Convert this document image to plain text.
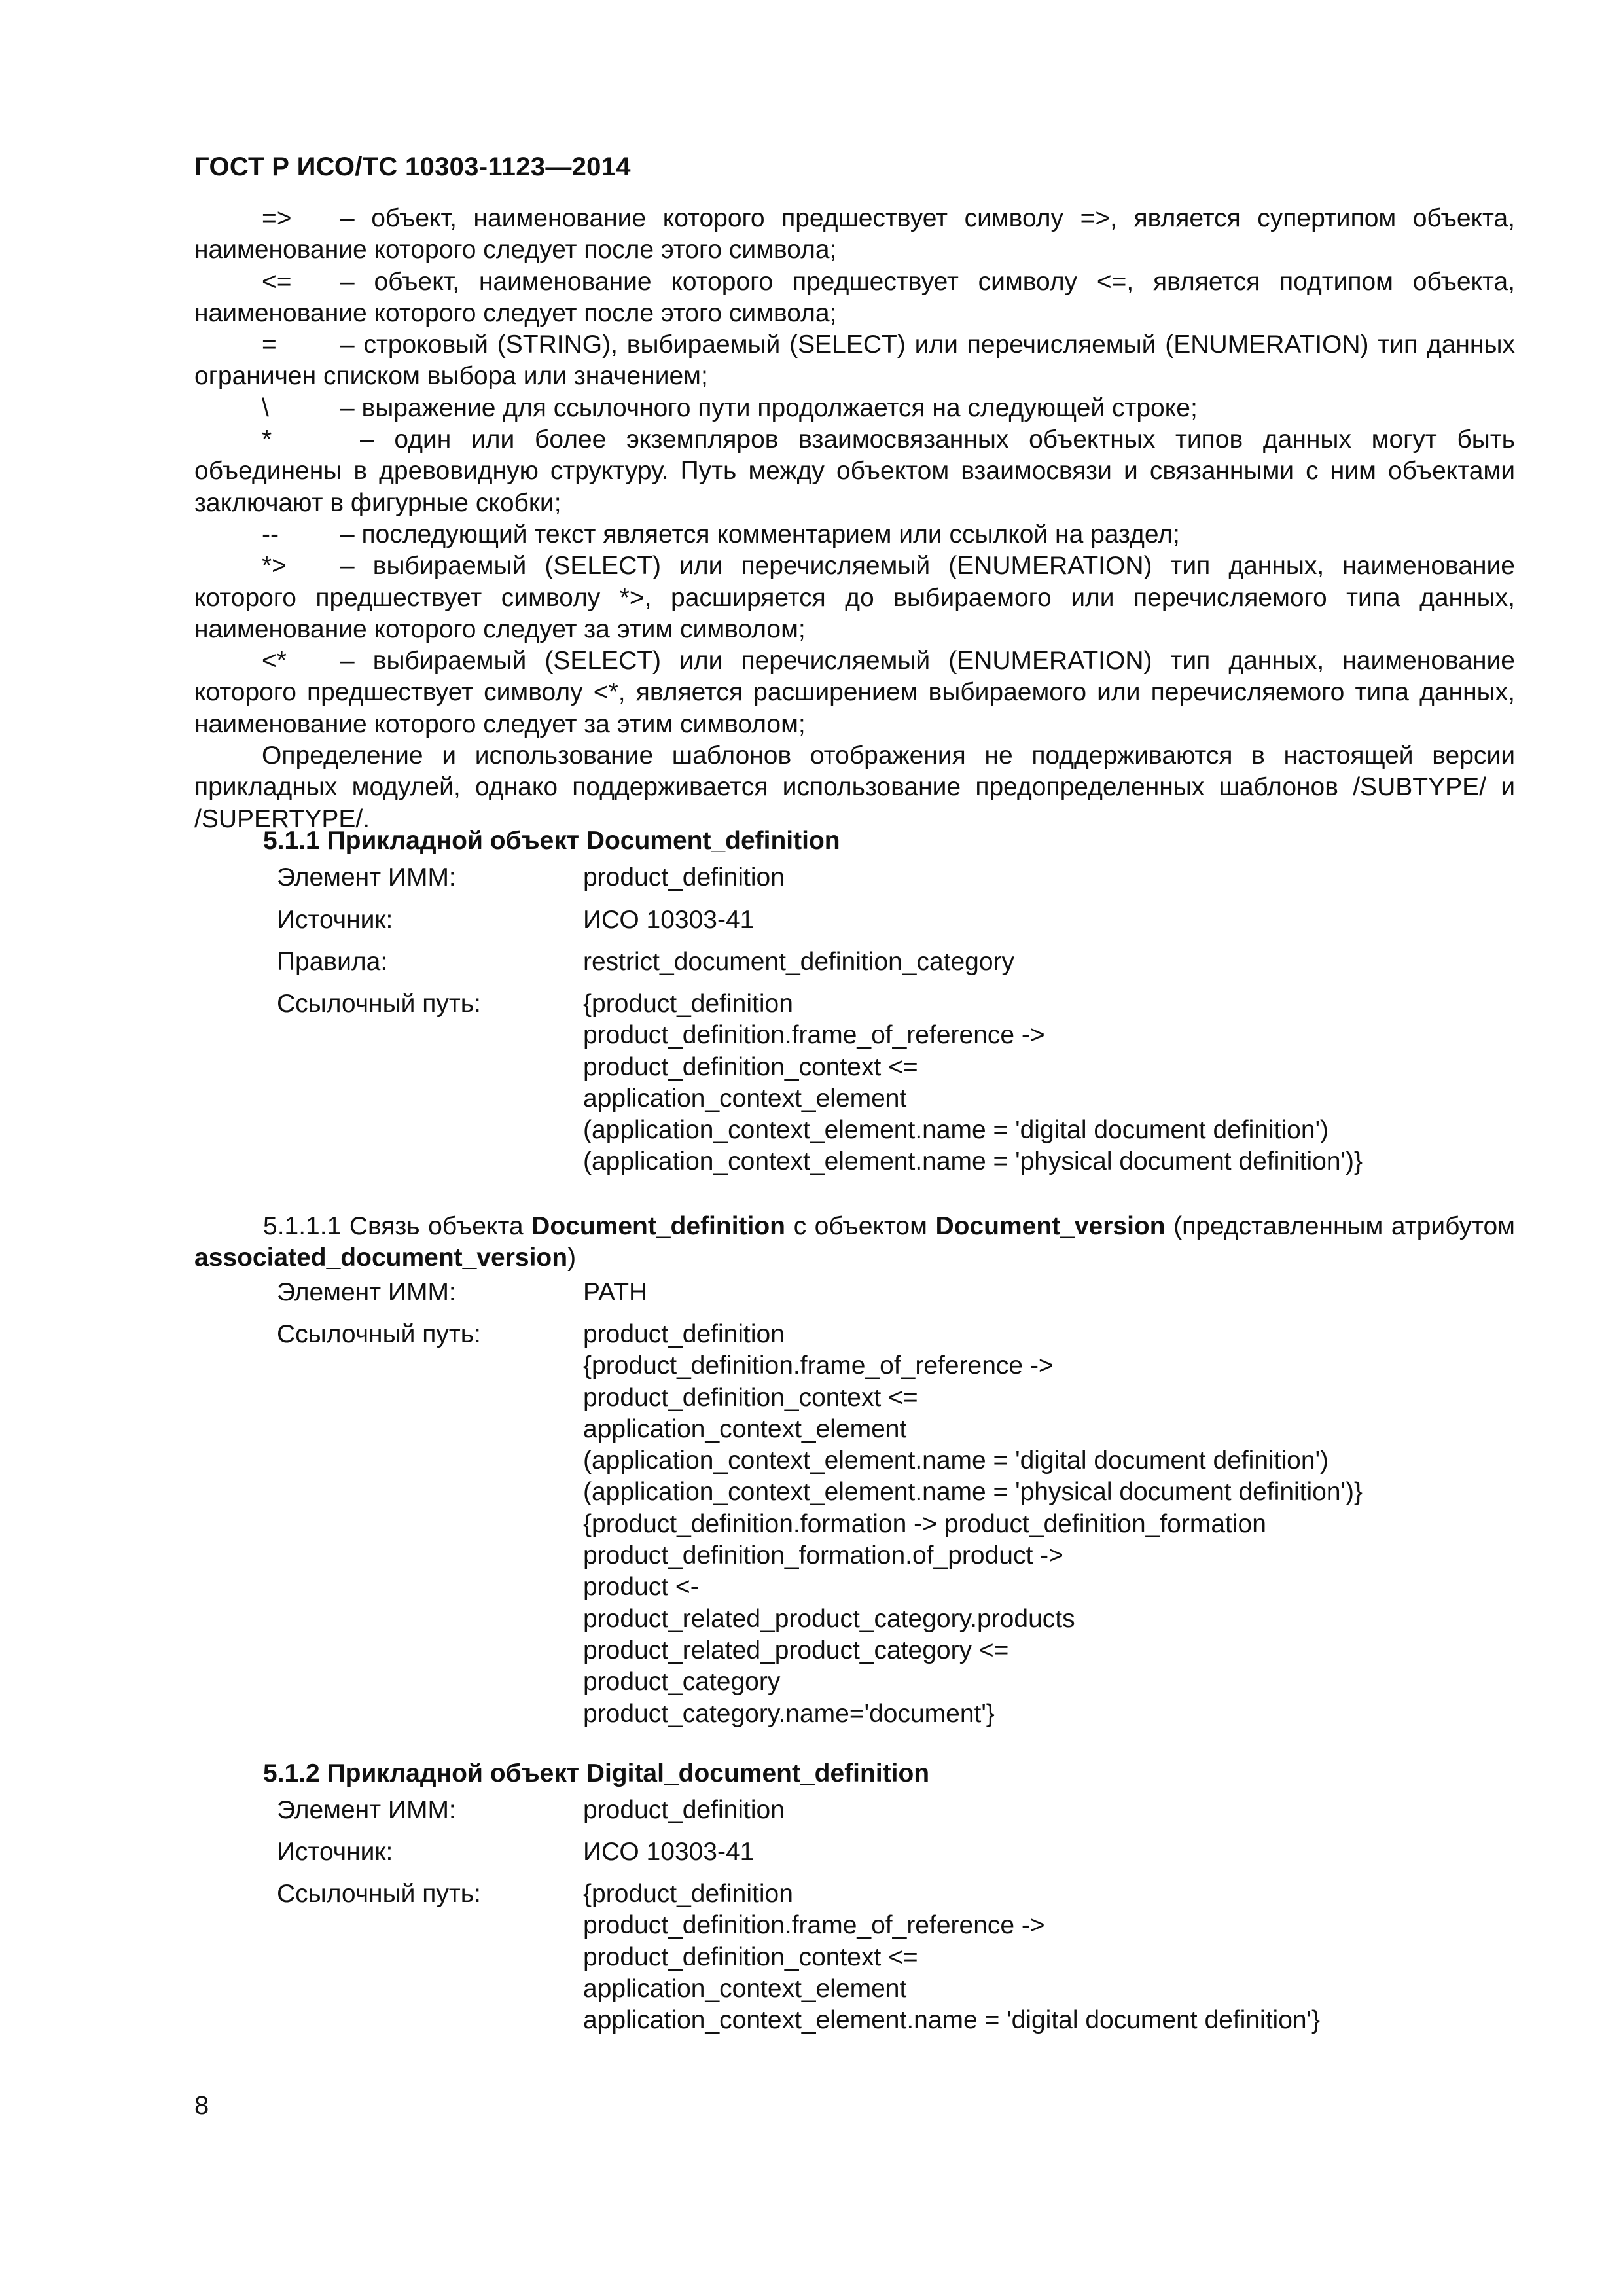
ГОСТ Р ИСО/ТС 10303-1123—2014

=> – объект, наименование которого предшествует символу =>, является супертипом объекта, наименование которого следует после этого символа;

<= – объект, наименование которого предшествует символу <=, является подтипом объекта, наименование которого следует после этого символа;

= – строковый (STRING), выбираемый (SELECT) или перечисляемый (ENUMERATION) тип данных ограничен списком выбора или значением;

\	– выражение для ссылочного пути продолжается на следующей строке;

*	– один или более экземпляров взаимосвязанных объектных типов данных могут быть объединены в древовидную структуру. Путь между объектом взаимосвязи и связанными с ним объектами заключают в фигурные скобки;

-- – последующий текст является комментарием или ссылкой на раздел;

*> – выбираемый (SELECT) или перечисляемый (ENUMERATION) тип данных, наименование которого предшествует символу *>, расширяется до выбираемого или перечисляемого типа данных, наименование которого следует за этим символом;

<* – выбираемый (SELECT) или перечисляемый (ENUMERATION) тип данных, наименование которого предшествует символу <*, является расширением выбираемого или перечисляемого типа данных, наименование которого следует за этим символом;

Определение и использование шаблонов отображения не поддерживаются в настоящей версии прикладных модулей, однако поддерживается использование предопределенных шаблонов /SUBTYPE/ и /SUPERTYPE/.

5.1.1 Прикладной объект Document_definition
Элемент ИММ:	product_definition
Источник:	ИСО 10303-41
Правила:	restrict_document_definition_category
Ссылочный путь:	{product_definition
product_definition.frame_of_reference ->
product_definition_context <=
application_context_element
(application_context_element.name = 'digital document definition')
(application_context_element.name = 'physical document definition')}

5.1.1.1 Связь объекта Document_definition с объектом Document_version (представленным атрибутом associated_document_version)

Элемент ИММ:	PATH
Ссылочный путь:	product_definition
{product_definition.frame_of_reference ->
product_definition_context <=
application_context_element
(application_context_element.name = 'digital document definition')
(application_context_element.name = 'physical document definition')}
{product_definition.formation -> product_definition_formation
product_definition_formation.of_product ->
product <-
product_related_product_category.products
product_related_product_category <=
product_category
product_category.name='document'}
5.1.2 Прикладной объект Digital_document_definition
Элемент ИММ:	product_definition
Источник:	ИСО 10303-41
Ссылочный путь:	{product_definition
product_definition.frame_of_reference ->
product_definition_context <=
application_context_element
application_context_element.name = 'digital document definition'}
8
